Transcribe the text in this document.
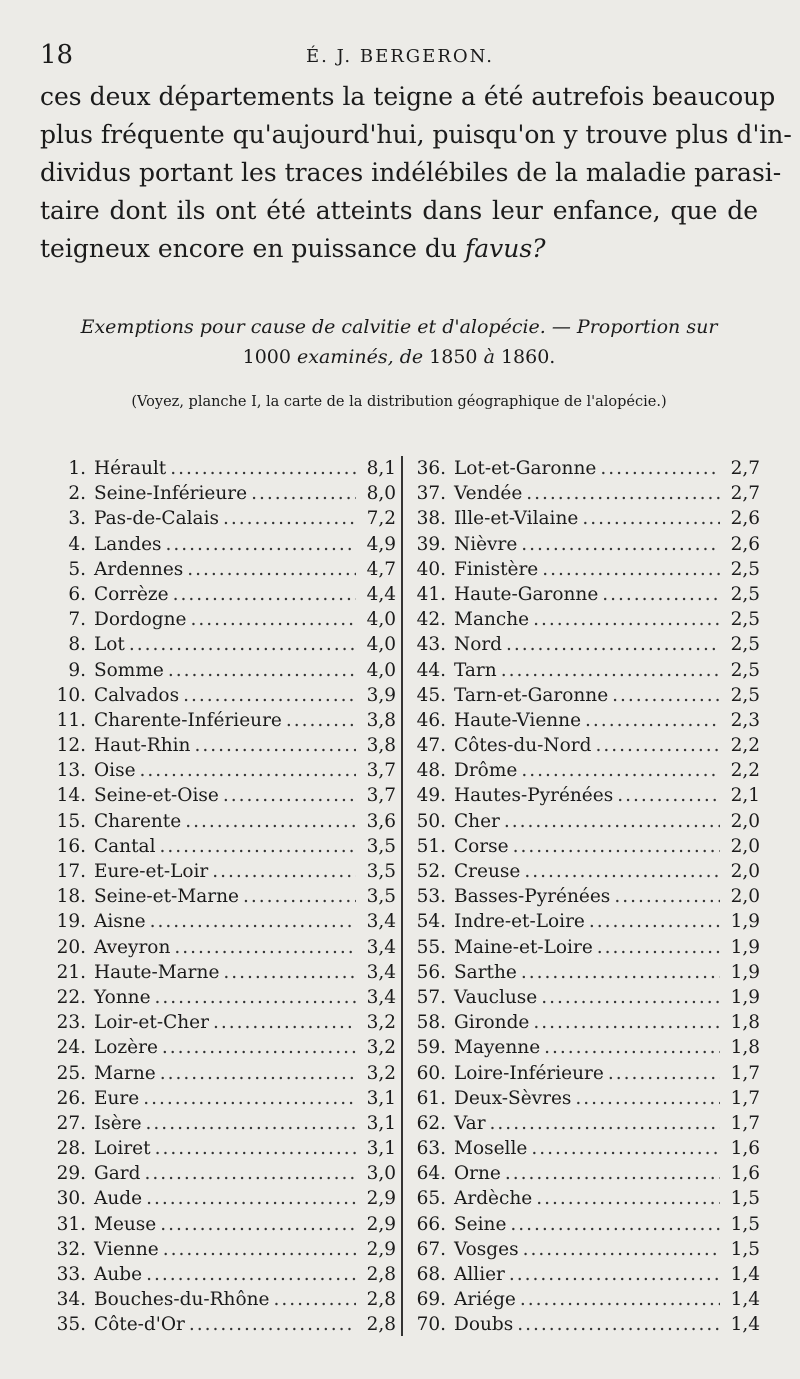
18	É. J. BERGERON.
ces deux départements la teigne a été autrefois beaucoup
plus fréquente qu'aujourd'hui, puisqu'on y trouve plus d'in-
dividus portant les traces indélébiles de la maladie parasi-
taire dont ils ont été atteints dans leur enfance, que de
teigneux encore en puissance du favus?
Exemptions pour cause de calvitie et d'alopécie. — Proportion sur
1000 examinés, de 1850 à 1860.
(Voyez, planche I, la carte de la distribution géographique de l'alopécie.)
1. Hérault .....	8,1
2. Seine-Inférieure .....	8,0
3. Pas-de-Calais .....	7,2
4. Landes .....	4,9
5. Ardennes .....	4,7
6. Corrèze .....	4,4
7. Dordogne .....	4,0
8. Lot .....	4,0
9. Somme .....	4,0
10. Calvados .....	3,9
11. Charente-Inférieure .....	3,8
12. Haut-Rhin .....	3,8
13. Oise .....	3,7
14. Seine-et-Oise .....	3,7
15. Charente .....	3,6
16. Cantal .....	3,5
17. Eure-et-Loir .....	3,5
18. Seine-et-Marne .....	3,5
19. Aisne .....	3,4
20. Aveyron .....	3,4
21. Haute-Marne .....	3,4
22. Yonne .....	3,4
23. Loir-et-Cher .....	3,2
24. Lozère .....	3,2
25. Marne .....	3,2
26. Eure .....	3,1
27. Isère .....	3,1
28. Loiret .....	3,1
29. Gard .....	3,0
30. Aude .....	2,9
31. Meuse .....	2,9
32. Vienne .....	2,9
33. Aube .....	2,8
34. Bouches-du-Rhône .....	2,8
35. Côte-d'Or .....	2,8
36. Lot-et-Garonne .....	2,7
37. Vendée .....	2,7
38. Ille-et-Vilaine .....	2,6
39. Nièvre .....	2,6
40. Finistère .....	2,5
41. Haute-Garonne .....	2,5
42. Manche .....	2,5
43. Nord .....	2,5
44. Tarn .....	2,5
45. Tarn-et-Garonne .....	2,5
46. Haute-Vienne .....	2,3
47. Côtes-du-Nord .....	2,2
48. Drôme .....	2,2
49. Hautes-Pyrénées .....	2,1
50. Cher .....	2,0
51. Corse .....	2,0
52. Creuse .....	2,0
53. Basses-Pyrénées .....	2,0
54. Indre-et-Loire .....	1,9
55. Maine-et-Loire .....	1,9
56. Sarthe .....	1,9
57. Vaucluse .....	1,9
58. Gironde .....	1,8
59. Mayenne .....	1,8
60. Loire-Inférieure .....	1,7
61. Deux-Sèvres .....	1,7
62. Var .....	1,7
63. Moselle .....	1,6
64. Orne .....	1,6
65. Ardèche .....	1,5
66. Seine .....	1,5
67. Vosges .....	1,5
68. Allier .....	1,4
69. Ariége .....	1,4
70. Doubs .....	1,4
